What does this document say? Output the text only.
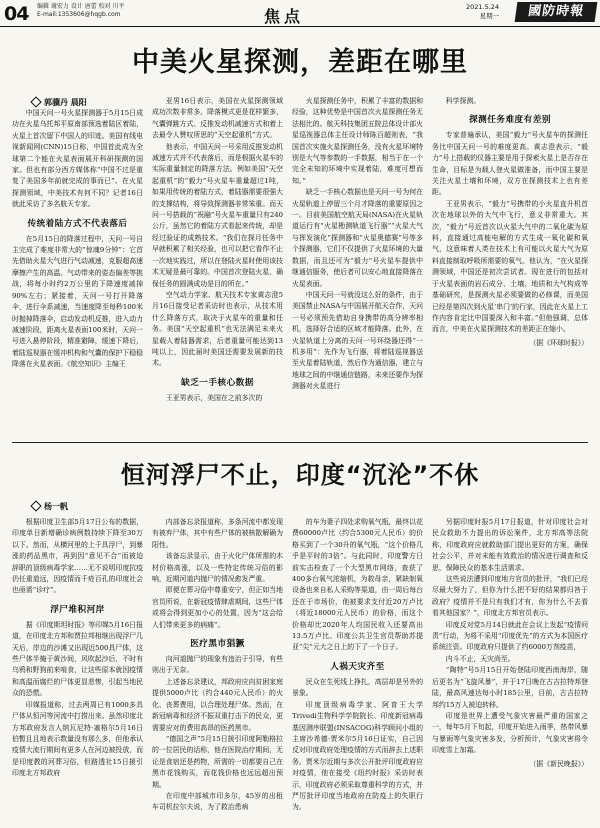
04 编辑 谢宏力 设计 唐蕾 校对 川平
E-mail:1353606@hqgb.com	焦点	2021.5.24
星期一	國防時報
中美火星探测，差距在哪里
郭骥丹 晨阳

中国天问一号火星探测器于5月15日成功在火星乌托邦平原南部预选着陆区着陆，火星上首次留下中国人的印迹。美国有线电视新闻网(CNN)15日称，中国首此成为全球第二个能在火星表面展开科研探测的国家。但也有部分西方媒体称“中国不过是重复了美国多年前就完成的事而已”。在火星探测领域，中美技术有何不同？记者16日就此采访了多名航天专家。

传统着陆方式不代表落后

在5月15日的降落过程中，天问一号自主完成了难度非常大的“惊魂9分钟”：它首先借助火星大气进行气动减速，克服超高速摩擦产生的高温、气动带来的姿态偏差等挑战，将每小时约2万公里的下降速度减掉90%左右；紧接着，天问一号打开降落伞，进行伞系减速，当速度降至每秒100米时抛掉降落伞，启动发动机反推，进入动力减速阶段，距离火星表面100米时，天问一号进入悬停阶段，精准避障，缓速下降后，着陆巡视器在缓冲机构和气囊的保护下稳稳降落在火星表面。《航空知识》主编王

亚男16日表示，美国在火星探测领域成功次数非常多，降落模式更是花样繁多，气囊弹跳方式、反推发动机减速方式和着上去最令人赞叹所思的“天空起重机”方式。

他表示，中国天问一号采用反推发动机减速方式并不代表落后，而是根据火星车的实际重量制定的降落方法。例如美国“天空起重机”的“毅力”号火星车重量超过1吨，如果用传统的着陆方式，着陆器需要很强大的支撑结构，将导致探测器非常笨重。而天问一号搭载的“祝融”号火星车重量只有240公斤，虽然它的着陆方式看起来传统，却是经过验证的成熟技术。“我们在探月任务中早就积累了相关经验，也可以把它看作不止一次地实践过，所以在登陆火星时使用该技术无疑是最可靠的。中国首次登陆火星，确保任务的圆满成功是目的所在。”

空气动力学家、航天技术专家黄志澄5月16日接受记者采访时也表示，从技术用什么降落方式，取决于火星车的重量和任务。美国“天空起重机”也无法满足未来火星载人着陆器需求，后者重量可能达到13吨以上，因此届时美国还需要发展新的技术。

缺乏一手核心数据

王亚男表示，美国在之前多次的

火星探测任务中，积累了丰富的数据和经验，这种优势是中国首次火星探测任务无法相比的。航天科技集团五院总体设计部火星巡视器总体主任设计师陈百超则表，“我国首次实施火星探测任务，没有火星环境特别是大气等参数的一手数据，相当于在一个完全未知的环境中实现着陆，难度可想而知。”

缺乏一手核心数据也是天问一号为何在火星轨道上停留三个月才降落的重要原因之一。目前美国航空航天局(NASA)在火星轨道运行有“火星勘测轨道飞行器”“火星大气与挥发演化”探测器和“火星奥德赛”号等多个探测器，它们不仅提供了火星环境的大量数据，而且还可为“毅力”号火星车提供中继通信服务，使后者可以安心地直接降落在火星表面。

中国天问一号就没这么好的条件，由于美国禁止NASA与中国展开航天合作，天问一号必须预先借助自身携带的高分辨率相机，选择好合适的区域才能降落。此外，在火星轨道上分离的天问一号环绕器还得“一机多用”：先作为飞行器，将着陆巡视器送至火星着陆轨道，然后作为通信器，建立与地球之间的中继通信链路，未来还要作为探测器对火星进行

科学探测。

探测任务难度有差别

专家普遍承认，美国“毅力”号火星车的探测任务比中国天问一号的难度更高。黄志澄表示，“毅力”号上搭载的仪器主要是用于探索火星上是否存在生命，目标是为载人登火星做准备，而中国主要是关注火星土壤和环境，双方在探测技术上也有差距。

王亚男表示，“毅力”号携带的小火星直升机首次在地球以外的大气中飞行，意义非常重大。其次，“毅力”号近首次以火星大气中的二氧化碳为原料，直接通过高能电解的方式生成一氧化碳和氧气，这意味着人类在技术上有可能以火星大气为原料直接制取呼吸所需要的氧气。他认为，“在火星探测领域，中国还是初次尝试者。现在进行的包括对于火星表面的岩石成分、土壤、地质和大气构成等基础研究，是探测火星必须要做的必修课，而美国已经是第四次到火星‘串门’的行家，因此在火星上工作内容肯定比中国要深入和丰富。”但他强调，总体而言，中美在火星探测技术的差距正在缩小。

（据《环球时报》）
恒河浮尸不止，印度“沉沦”不休
杨一帆

根据印度卫生部5月17日公布的数据，印度单日新增确诊病例数持续下降至30万以下。然而，从横河里的上千具浮尸，到暴涨的药品黑市，再到因“意见不合”而被迫辞职的顶级病毒学家……无不说明印度抗疫仍任重道远，因疫情而千疮百孔的印度社会也亟需“诊疗”。

浮尸堆积河岸

据《印度斯坦时报》等印媒5月16日报道，在印度北方邦和贾拉邦相继出现浮尸几天后，岸边的沙滩又出现近500具尸体，这些尸体半掩于黄沙间，风吹起沙后，不时有乌鸦和野狗前来啃食，让这些原本就因疫情和高温而腐烂的尸体更显悲惨，引起当地民众的恐慌。

印媒报道称，过去两周已有1000多具尸体从恒河等河流中打捞出来。虽然印度北方邦政府发言人纳瓦尼特·塞格尔5月16日伯暫且且地表示数量没有那么多，但他承认疫情大流行期间有更多人在河边被投放，而是印度教的河葬习俗，但路透社15日援引印度北方邦政府

内部备忘录报道称，多条河流中都发现有被弃尸体，其中有些尸体的被核散解确为阳性。

该备忘录显示，由于火化尸体所需的木材价格高涨，以及一些特定传统习俗的影响，近期河道内抛尸的情况愈发严重。

即便在葬习俗中尊重安宁，但正如当地官员所说，在新冠疫情肆虐期间，这些尸体或将会得到更加小心的处置，因为“这会给人们带来更多的病痛”。

医疗黑市猖獗

向河道抛尸的现象有违治于引导，有些则出于无奈。

上述备忘录建议，邦政府应向贫困家庭提供5000卢比（约合440元人民币）的火化、丧葬费用，以合理处理尸体。然而，在新冠病毒和经济不振双重打击下的民众，更需要应对的费用高昂的医药黑市。

“德国之声”5月15日援引印度阿勒格拉的一位居民的话称，他在医院治疗期间，无论是食宿还是药物，所需的一切都要自己在黑市花钱购买，而花钱价格也远远超出预期。

在印度中部城市印多尔，45岁的出租车司机拉尔夫说，为了救治患病

的车为妻子四处求购氧气瓶，最终以花费60000卢比（约合5300元人民币）的价格买到了一个30升的氧气瓶，“这个价格几乎是平时的3倍”。与此同时，印度警方日前实击检查了一个大型黑市网络，查获了400多台氧气浓缩机，为救母亲，紧缺制氧设备也来自私人采购等渠道，由一周后每台还在于市场价，他被要求支付近20万卢比（将近18000元人民币）的价格，而这个价格却比2020年人均国民收入还要高出13.5万卢比。印度公共卫生官员帮助苏提亚“尖”元大之日上的下了一个日子。

人祸天灾齐至

民众在生死线上挣扎，高层却是另外的景象。

印度顶级病毒学家、阿育王大学Trivedi生物科学学院院长、印度新冠病毒基因测序联盟(INSACOG)科学顾问小组的主席沙希德·贾米尔5月16日证实，自己因反对印度政府处理疫情的方式而辞去上述职务。贾米尔近期与多次公开批评印度政府应对疫情，他在接受《纽约时报》采访时表示，印度政府必须采取尊重科学的方式，并严厉批评印度当地政府在防疫上的失职行为。

另据印度时报5月17日报道，针对印度社会对民众救助不力提出的诉讼案件，北方邦高等法院称，印度政府应就救助部门提出更好的方案，确保社会公平，并对未能有效救治的情况进行调查和反思，保障民众的基本生活需求。

这些说法遭到印度地方官员的批评，“我们已经尽最大努力了，但你为什么把不好的结果都归咎于政府？疫情并不是只有我们才有，你为什么不去看看其他国家？”，印度北方邦官员表示。

印度反对党5月14日就此在会议上发起“疫情问责”行动，为将不采用“印度优先”的方式为本国医疗系统注资。印度政府只提供了约6000万剂疫苗，

内斗不止，天灾尚至。

“陶特”号5月15日开始登陆印度西南海岸，随后更名为“飞旋风暴”，并于17日晚在古吉拉特邦登陆，最高风速达每小时185公里，目前，古吉拉特邦约15万人被迫转移。

印度是世界上遭受气象灾害最严重的国家之一，每年5月下旬起，印度开始进入雨季，热带风暴与暴雨等气象灾害多发，分析预计，气象灾害将令印度雪上加霜。

（据《新民晚报》）
